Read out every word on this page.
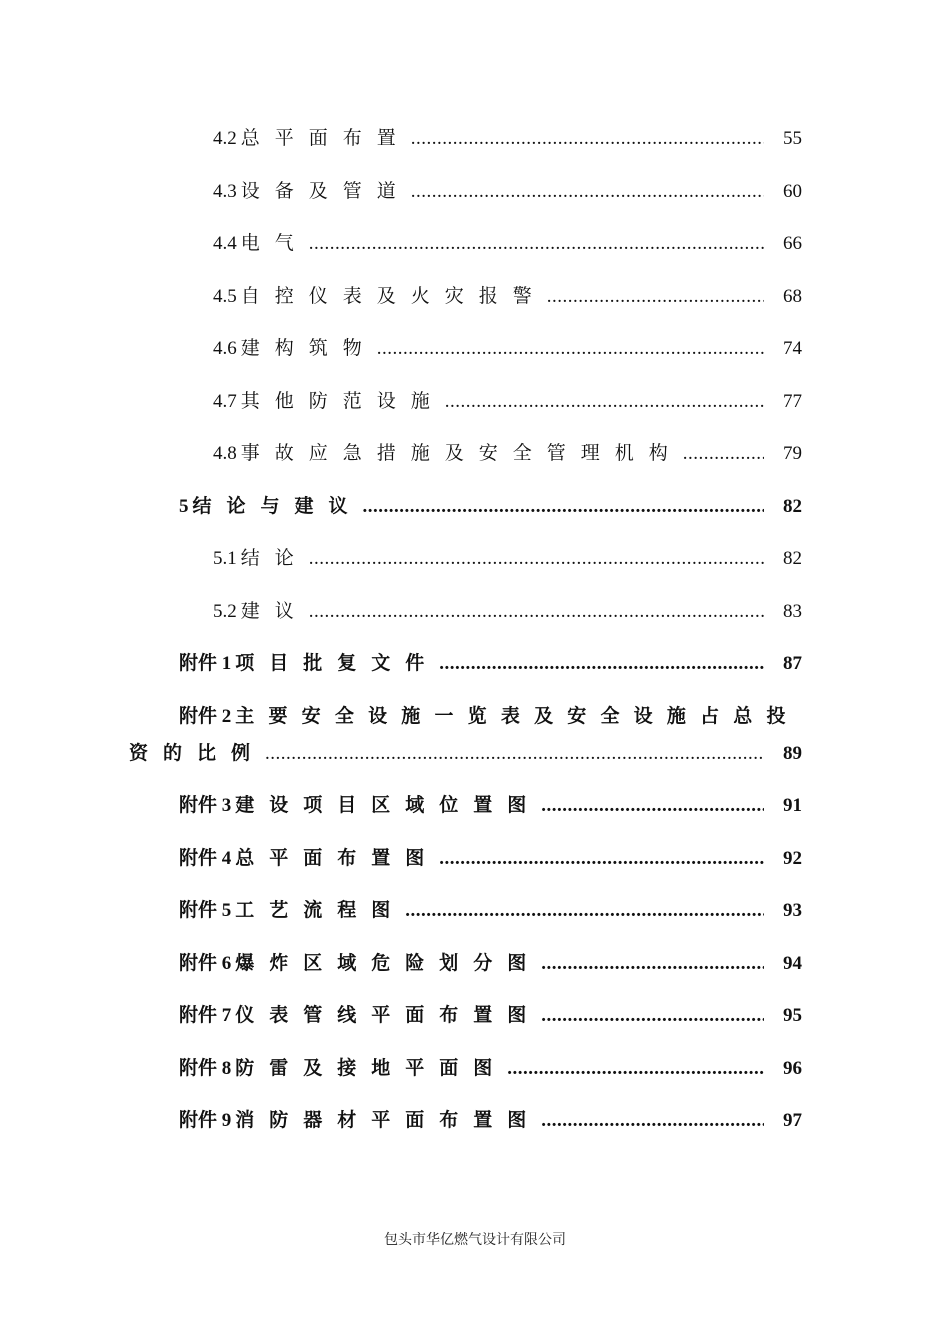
4.2 总平面布置 .....	55
4.3 设备及管道 .....	60
4.4 电气 .....	66
4.5 自控仪表及火灾报警 .....	68
4.6 建构筑物 .....	74
4.7 其他防范设施 .....	77
4.8 事故应急措施及安全管理机构 .....	79
5 结论与建议 .....	82
5.1 结论 .....	82
5.2 建议 .....	83
附件 1 项目批复文件 .....	87
附件 2 主要安全设施一览表及安全设施占总投
资的比例 .....	89
附件 3 建设项目区域位置图 .....	91
附件 4 总平面布置图 .....	92
附件 5 工艺流程图 .....	93
附件 6 爆炸区域危险划分图 .....	94
附件 7 仪表管线平面布置图 .....	95
附件 8 防雷及接地平面图 .....	96
附件 9 消防器材平面布置图 .....	97
包头市华亿燃气设计有限公司
